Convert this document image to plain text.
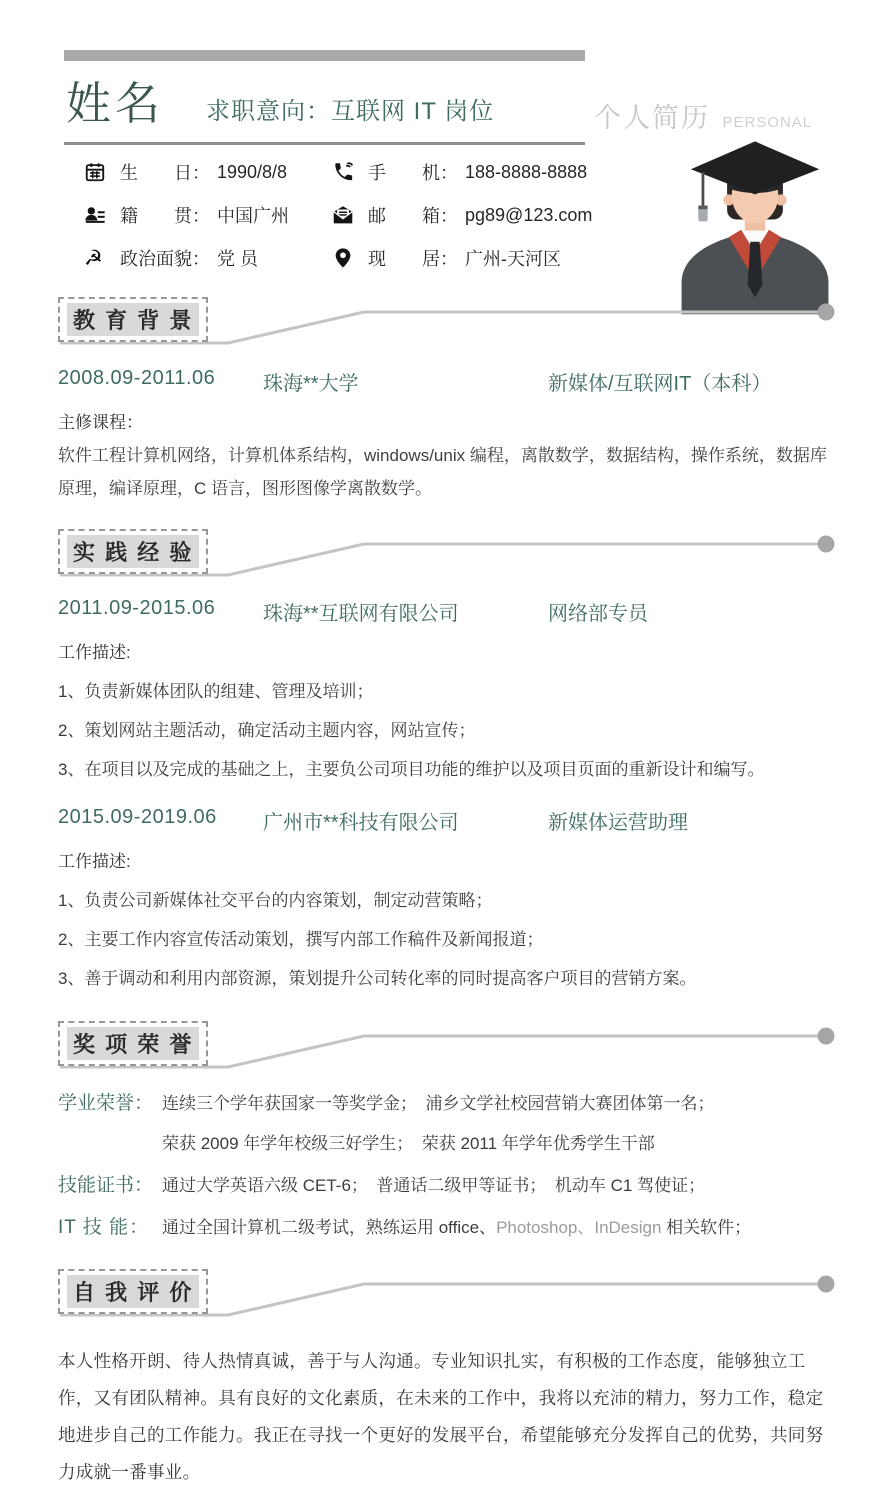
个人简历 PERSONAL
姓名 求职意向：互联网 IT 岗位
生　　日： 1990/8/8	手　　机： 188-8888-8888
籍　　贯： 中国广州	邮　　箱： pg89@123.com
☭ 政治面貌： 党 员	现　　居： 广州-天河区
教 育 背 景
2008.09-2011.06	珠海**大学	新媒体/互联网IT（本科）
主修课程：
软件工程计算机网络，计算机体系结构，windows/unix 编程，离散数学，数据结构，操作系统，数据库原理，编译原理，C 语言，图形图像学离散数学。
实 践 经 验
2011.09-2015.06	珠海**互联网有限公司	网络部专员
工作描述:
1、负责新媒体团队的组建、管理及培训；
2、策划网站主题活动，确定活动主题内容，网站宣传；
3、在项目以及完成的基础之上，主要负公司项目功能的维护以及项目页面的重新设计和编写。
2015.09-2019.06	广州市**科技有限公司	新媒体运营助理
工作描述:
1、负责公司新媒体社交平台的内容策划，制定动营策略；
2、主要工作内容宣传活动策划，撰写内部工作稿件及新闻报道；
3、善于调动和利用内部资源，策划提升公司转化率的同时提高客户项目的营销方案。
奖 项 荣 誉
学业荣誉： 连续三个学年获国家一等奖学金；　浦乡文学社校园营销大赛团体第一名；
荣获 2009 年学年校级三好学生；　荣获 2011 年学年优秀学生干部
技能证书： 通过大学英语六级 CET-6；　普通话二级甲等证书；　机动车 C1 驾使证；
IT 技 能： 通过全国计算机二级考试，熟练运用 office、Photoshop、InDesign 相关软件；
自 我 评 价
本人性格开朗、待人热情真诚，善于与人沟通。专业知识扎实，有积极的工作态度，能够独立工作，又有团队精神。具有良好的文化素质，在未来的工作中，我将以充沛的精力，努力工作，稳定地进步自己的工作能力。我正在寻找一个更好的发展平台，希望能够充分发挥自己的优势，共同努力成就一番事业。
